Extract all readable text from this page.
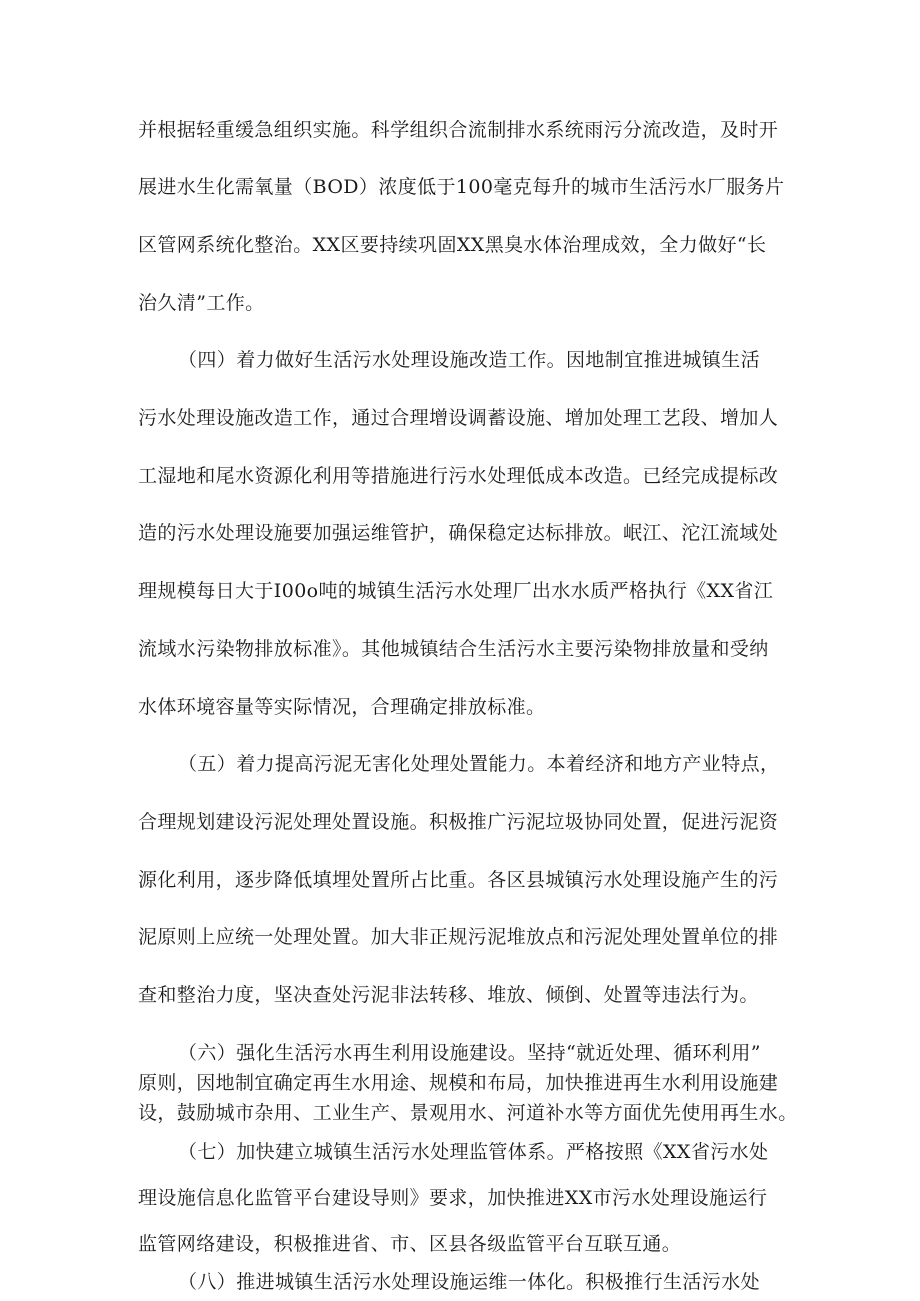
并根据轻重缓急组织实施。科学组织合流制排水系统雨污分流改造，及时开
展进水生化需氧量（BOD）浓度低于100毫克每升的城市生活污水厂服务片
区管网系统化整治。XX区要持续巩固XX黑臭水体治理成效，全力做好“长
治久清”工作。
（四）着力做好生活污水处理设施改造工作。因地制宜推进城镇生活
污水处理设施改造工作，通过合理增设调蓄设施、增加处理工艺段、增加人
工湿地和尾水资源化利用等措施进行污水处理低成本改造。已经完成提标改
造的污水处理设施要加强运维管护，确保稳定达标排放。岷江、沱江流域处
理规模每日大于I00o吨的城镇生活污水处理厂出水水质严格执行《XX省江
流域水污染物排放标准》。其他城镇结合生活污水主要污染物排放量和受纳
水体环境容量等实际情况，合理确定排放标准。
（五）着力提高污泥无害化处理处置能力。本着经济和地方产业特点，
合理规划建设污泥处理处置设施。积极推广污泥垃圾协同处置，促进污泥资
源化利用，逐步降低填埋处置所占比重。各区县城镇污水处理设施产生的污
泥原则上应统一处理处置。加大非正规污泥堆放点和污泥处理处置单位的排
查和整治力度，坚决查处污泥非法转移、堆放、倾倒、处置等违法行为。
（六）强化生活污水再生利用设施建设。坚持“就近处理、循环利用”
原则，因地制宜确定再生水用途、规模和布局，加快推进再生水利用设施建
设，鼓励城市杂用、工业生产、景观用水、河道补水等方面优先使用再生水。
（七）加快建立城镇生活污水处理监管体系。严格按照《XX省污水处
理设施信息化监管平台建设导则》要求，加快推进XX市污水处理设施运行
监管网络建设，积极推进省、市、区县各级监管平台互联互通。
（八）推进城镇生活污水处理设施运维一体化。积极推行生活污水处
